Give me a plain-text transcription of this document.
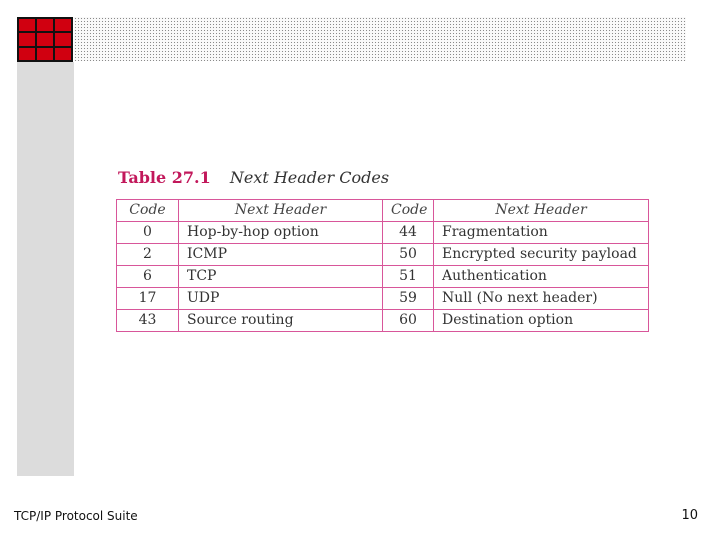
Table 27.1 Next Header Codes
Code	Next Header	Code	Next Header
0	Hop-by-hop option	44	Fragmentation
2	ICMP	50	Encrypted security payload
6	TCP	51	Authentication
17	UDP	59	Null (No next header)
43	Source routing	60	Destination option
TCP/IP Protocol Suite	10
